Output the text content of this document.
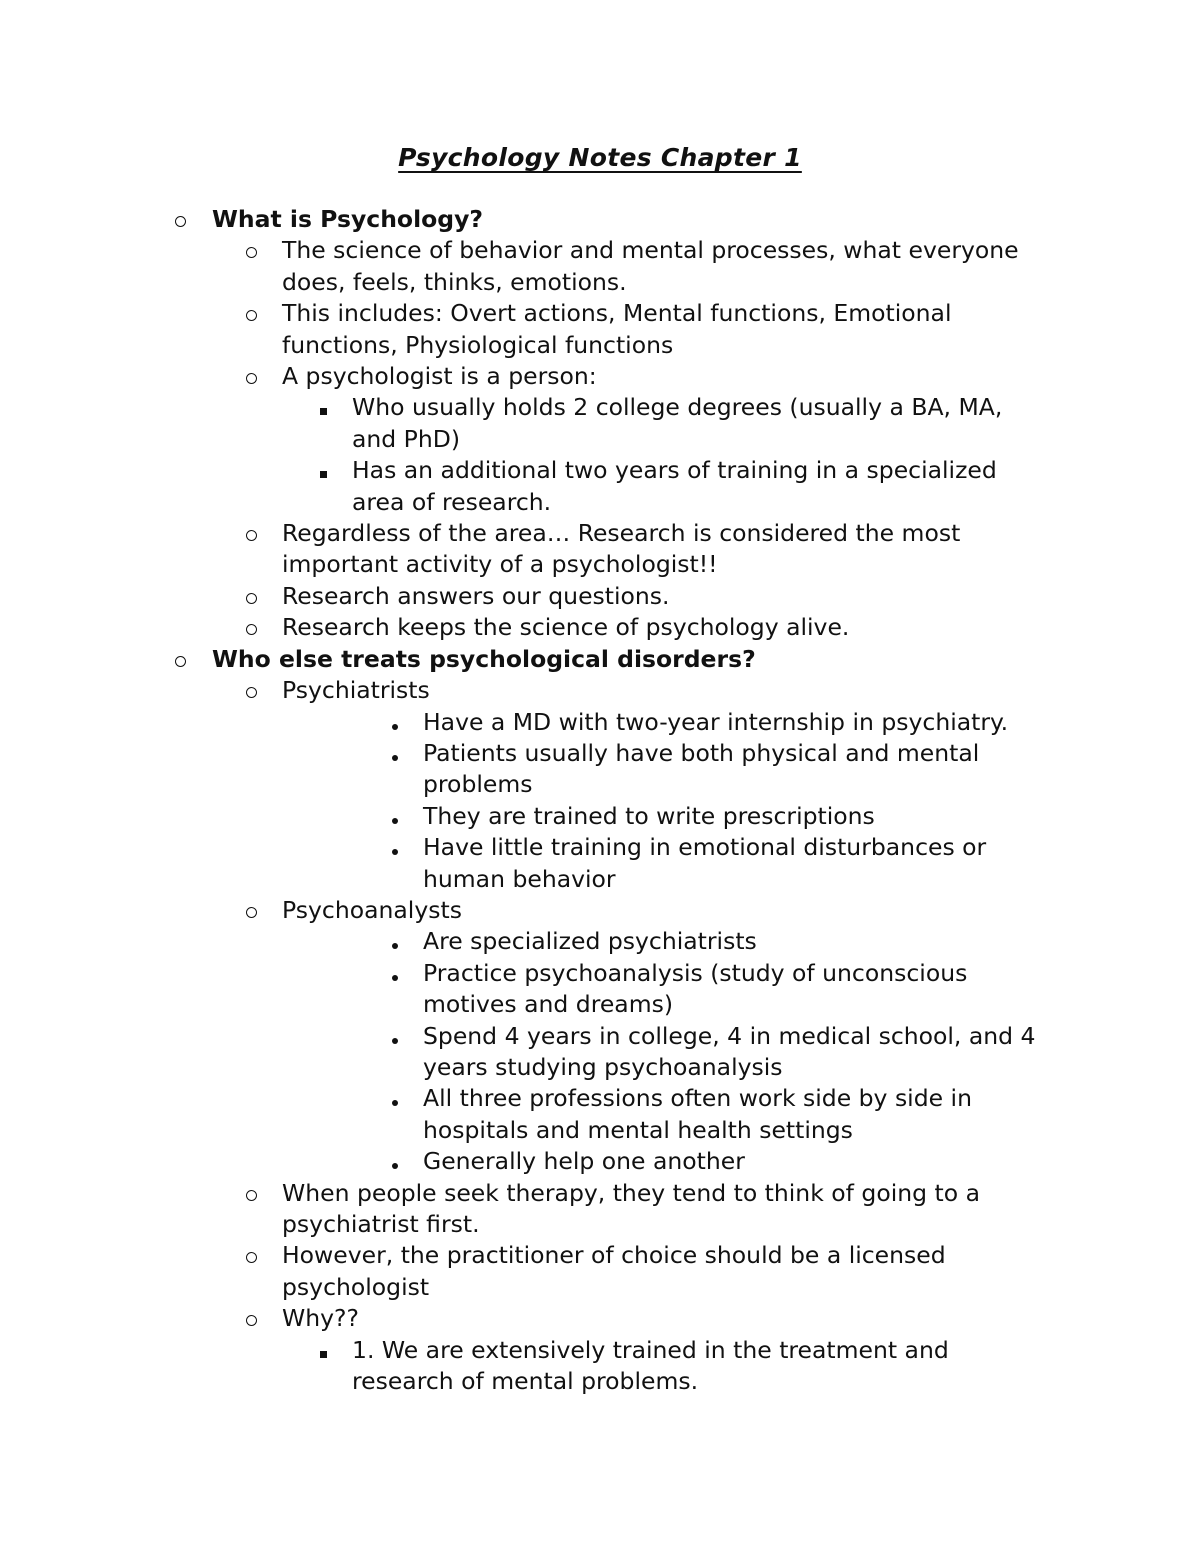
Psychology Notes Chapter 1
What is Psychology?
The science of behavior and mental processes, what everyone does, feels, thinks, emotions.
This includes: Overt actions, Mental functions, Emotional functions, Physiological functions
A psychologist is a person:
Who usually holds 2 college degrees (usually a BA, MA, and PhD)
Has an additional two years of training in a specialized area of research.
Regardless of the area… Research is considered the most important activity of a psychologist!!
Research answers our questions.
Research keeps the science of psychology alive.
Who else treats psychological disorders?
Psychiatrists
Have a MD with two-year internship in psychiatry.
Patients usually have both physical and mental problems
They are trained to write prescriptions
Have little training in emotional disturbances or human behavior
Psychoanalysts
Are specialized psychiatrists
Practice psychoanalysis (study of unconscious motives and dreams)
Spend 4 years in college, 4 in medical school, and 4 years studying psychoanalysis
All three professions often work side by side in hospitals and mental health settings
Generally help one another
When people seek therapy, they tend to think of going to a psychiatrist first.
However, the practitioner of choice should be a licensed psychologist
Why??
1. We are extensively trained in the treatment and research of mental problems.
